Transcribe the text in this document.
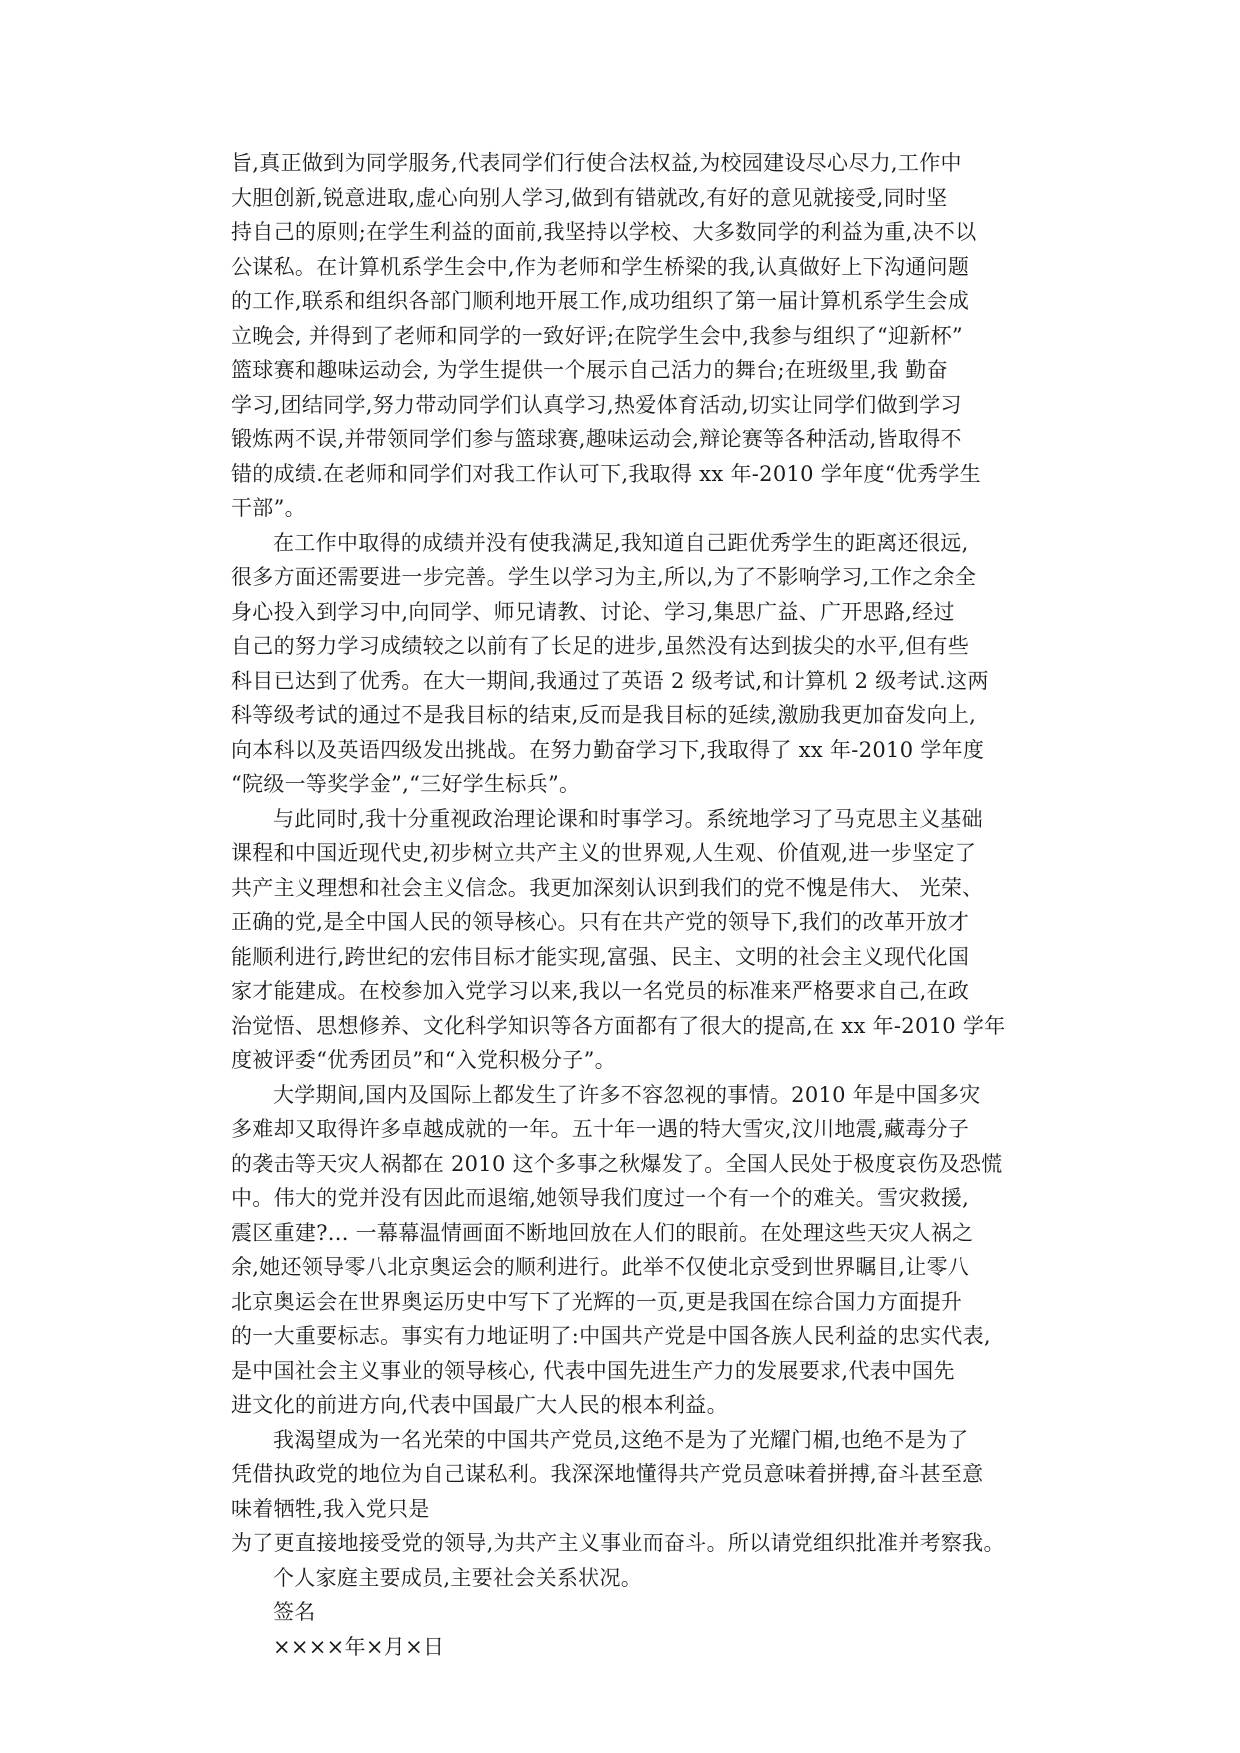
旨,真正做到为同学服务,代表同学们行使合法权益,为校园建设尽心尽力,工作中
大胆创新,锐意进取,虚心向别人学习,做到有错就改,有好的意见就接受,同时坚
持自己的原则;在学生利益的面前,我坚持以学校、大多数同学的利益为重,决不以
公谋私。在计算机系学生会中,作为老师和学生桥梁的我,认真做好上下沟通问题
的工作,联系和组织各部门顺利地开展工作,成功组织了第一届计算机系学生会成
立晚会, 并得到了老师和同学的一致好评;在院学生会中,我参与组织了“迎新杯”
篮球赛和趣味运动会, 为学生提供一个展示自己活力的舞台;在班级里,我 勤奋
学习,团结同学,努力带动同学们认真学习,热爱体育活动,切实让同学们做到学习
锻炼两不误,并带领同学们参与篮球赛,趣味运动会,辩论赛等各种活动,皆取得不
错的成绩.在老师和同学们对我工作认可下,我取得 xx 年-2010 学年度“优秀学生
干部”。
在工作中取得的成绩并没有使我满足,我知道自己距优秀学生的距离还很远,
很多方面还需要进一步完善。学生以学习为主,所以,为了不影响学习,工作之余全
身心投入到学习中,向同学、师兄请教、讨论、学习,集思广益、广开思路,经过
自己的努力学习成绩较之以前有了长足的进步,虽然没有达到拔尖的水平,但有些
科目已达到了优秀。在大一期间,我通过了英语 2 级考试,和计算机 2 级考试.这两
科等级考试的通过不是我目标的结束,反而是我目标的延续,激励我更加奋发向上,
向本科以及英语四级发出挑战。在努力勤奋学习下,我取得了 xx 年-2010 学年度
“院级一等奖学金”,“三好学生标兵”。
与此同时,我十分重视政治理论课和时事学习。系统地学习了马克思主义基础
课程和中国近现代史,初步树立共产主义的世界观,人生观、价值观,进一步坚定了
共产主义理想和社会主义信念。我更加深刻认识到我们的党不愧是伟大、 光荣、
正确的党,是全中国人民的领导核心。只有在共产党的领导下,我们的改革开放才
能顺利进行,跨世纪的宏伟目标才能实现,富强、民主、文明的社会主义现代化国
家才能建成。在校参加入党学习以来,我以一名党员的标准来严格要求自己,在政
治觉悟、思想修养、文化科学知识等各方面都有了很大的提高,在 xx 年-2010 学年
度被评委“优秀团员”和“入党积极分子”。
大学期间,国内及国际上都发生了许多不容忽视的事情。2010 年是中国多灾
多难却又取得许多卓越成就的一年。五十年一遇的特大雪灾,汶川地震,藏毒分子
的袭击等天灾人祸都在 2010 这个多事之秋爆发了。全国人民处于极度哀伤及恐慌
中。伟大的党并没有因此而退缩,她领导我们度过一个有一个的难关。雪灾救援,
震区重建?... 一幕幕温情画面不断地回放在人们的眼前。在处理这些天灾人祸之
余,她还领导零八北京奥运会的顺利进行。此举不仅使北京受到世界瞩目,让零八
北京奥运会在世界奥运历史中写下了光辉的一页,更是我国在综合国力方面提升
的一大重要标志。事实有力地证明了:中国共产党是中国各族人民利益的忠实代表,
是中国社会主义事业的领导核心, 代表中国先进生产力的发展要求,代表中国先
进文化的前进方向,代表中国最广大人民的根本利益。
我渴望成为一名光荣的中国共产党员,这绝不是为了光耀门楣,也绝不是为了
凭借执政党的地位为自己谋私利。我深深地懂得共产党员意味着拼搏,奋斗甚至意
味着牺牲,我入党只是
为了更直接地接受党的领导,为共产主义事业而奋斗。所以请党组织批准并考察我。
个人家庭主要成员,主要社会关系状况。
签名
××××年×月×日
